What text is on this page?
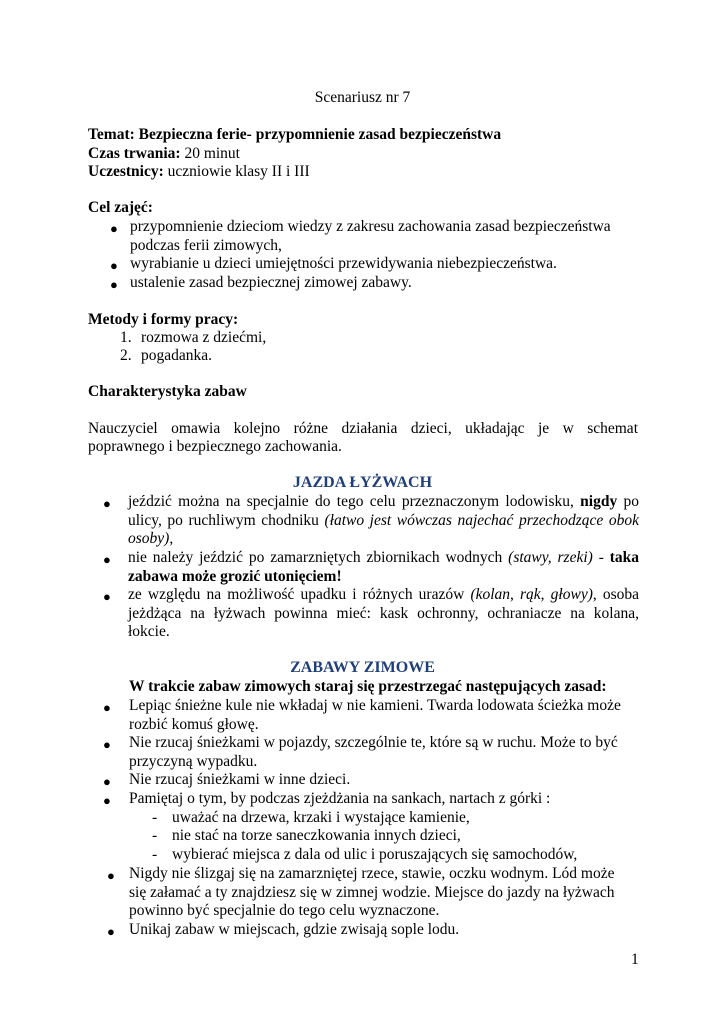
Scenariusz nr 7
Temat: Bezpieczna ferie- przypomnienie zasad bezpieczeństwa
Czas trwania: 20 minut
Uczestnicy: uczniowie klasy II i III
Cel zajęć:
● przypomnienie dzieciom wiedzy z zakresu zachowania zasad bezpieczeństwa
podczas ferii zimowych,
● wyrabianie u dzieci umiejętności przewidywania niebezpieczeństwa.
● ustalenie zasad bezpiecznej zimowej zabawy.
Metody i formy pracy:
1. rozmowa z dziećmi,
2. pogadanka.
Charakterystyka zabaw
Nauczyciel omawia kolejno różne działania dzieci, układając je w schemat
poprawnego i bezpiecznego zachowania.
JAZDA ŁYŻWACH
● jeździć można na specjalnie do tego celu przeznaczonym lodowisku, nigdy po
ulicy, po ruchliwym chodniku (łatwo jest wówczas najechać przechodzące obok
osoby),
● nie należy jeździć po zamarzniętych zbiornikach wodnych (stawy, rzeki) - taka
zabawa może grozić utonięciem!
● ze względu na możliwość upadku i różnych urazów (kolan, rąk, głowy), osoba
jeżdżąca na łyżwach powinna mieć: kask ochronny, ochraniacze na kolana,
łokcie.
ZABAWY ZIMOWE
W trakcie zabaw zimowych staraj się przestrzegać następujących zasad:
● Lepiąc śnieżne kule nie wkładaj w nie kamieni. Twarda lodowata ścieżka może
rozbić komuś głowę.
● Nie rzucaj śnieżkami w pojazdy, szczególnie te, które są w ruchu. Może to być
przyczyną wypadku.
● Nie rzucaj śnieżkami w inne dzieci.
● Pamiętaj o tym, by podczas zjeżdżania na sankach, nartach z górki :
- uważać na drzewa, krzaki i wystające kamienie,
- nie stać na torze saneczkowania innych dzieci,
- wybierać miejsca z dala od ulic i poruszających się samochodów,
● Nigdy nie ślizgaj się na zamarzniętej rzece, stawie, oczku wodnym. Lód może
się załamać a ty znajdziesz się w zimnej wodzie. Miejsce do jazdy na łyżwach
powinno być specjalnie do tego celu wyznaczone.
● Unikaj zabaw w miejscach, gdzie zwisają sople lodu.
1
